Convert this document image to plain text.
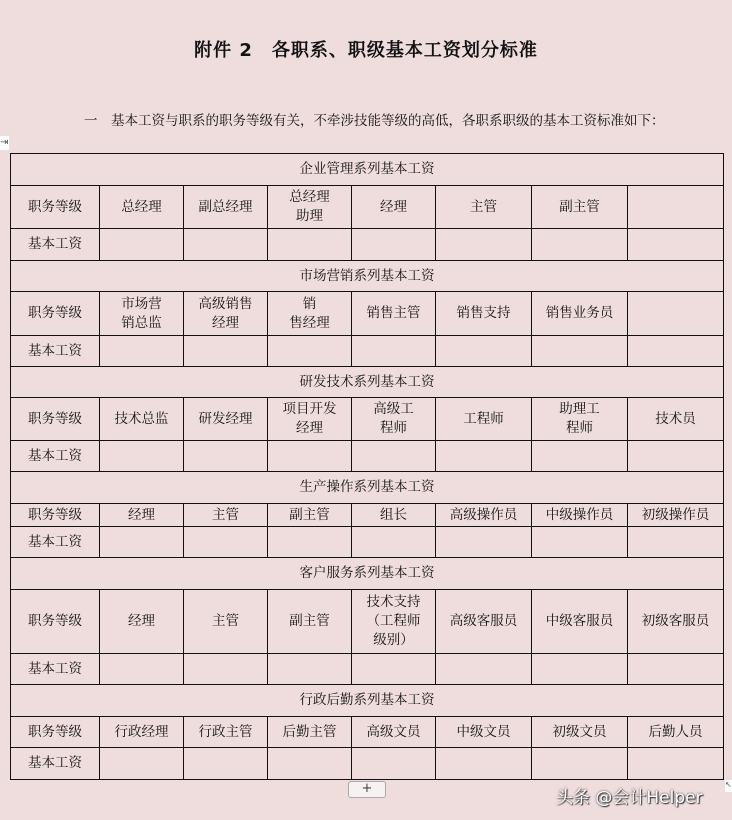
附件 2　各职系、职级基本工资划分标准
一　基本工资与职系的职务等级有关，不牵涉技能等级的高低，各职系职级的基本工资标准如下：
⇥
企业管理系列基本工资							
职务等级	总经理	副总经理	总经理
助理	经理	主管	副主管	
基本工资							
市场营销系列基本工资							
职务等级	市场营
销总监	高级销售
经理	销
售经理	销售主管	销售支持	销售业务员	
基本工资							
研发技术系列基本工资							
职务等级	技术总监	研发经理	项目开发
经理	高级工
程师	工程师	助理工
程师	技术员
基本工资							
生产操作系列基本工资							
职务等级	经理	主管	副主管	组长	高级操作员	中级操作员	初级操作员
基本工资							
客户服务系列基本工资							
职务等级	经理	主管	副主管	技术支持
（工程师
级别）	高级客服员	中级客服员	初级客服员
基本工资							
行政后勤系列基本工资							
职务等级	行政经理	行政主管	后勤主管	高级文员	中级文员	初级文员	后勤人员
基本工资							
+	头条 @会计Helper
↖
